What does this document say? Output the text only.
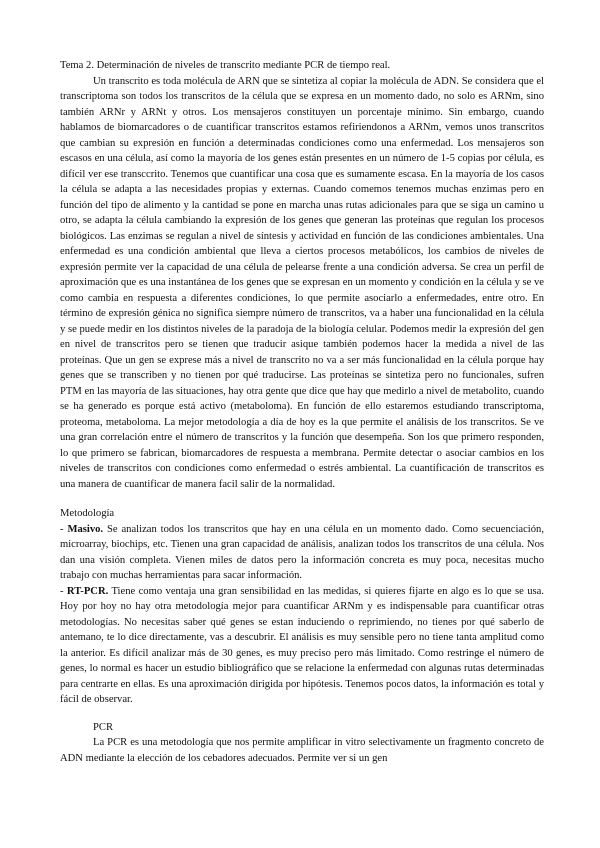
Tema 2. Determinación de niveles de transcrito mediante PCR de tiempo real.

Un transcrito es toda molécula de ARN que se sintetiza al copiar la molécula de ADN. Se considera que el transcriptoma son todos los transcritos de la célula que se expresa en un momento dado, no solo es ARNm, sino también ARNr y ARNt y otros. Los mensajeros constituyen un porcentaje mínimo. Sin embargo, cuando hablamos de biomarcadores o de cuantificar transcritos estamos refiriendonos a ARNm, vemos unos transcritos que cambian su expresión en función a determinadas condiciones como una enfermedad. Los mensajeros son escasos en una célula, así como la mayoría de los genes están presentes en un número de 1-5 copias por célula, es difícil ver ese transccrito. Tenemos que cuantificar una cosa que es sumamente escasa. En la mayoría de los casos la célula se adapta a las necesidades propias y externas. Cuando comemos tenemos muchas enzimas pero en función del tipo de alimento y la cantidad se pone en marcha unas rutas adicionales para que se siga un camino u otro, se adapta la célula cambiando la expresión de los genes que generan las proteínas que regulan los procesos biológicos. Las enzimas se regulan a nivel de síntesis y actividad en función de las condiciones ambientales. Una enfermedad es una condición ambiental que lleva a ciertos procesos metabólicos, los cambios de niveles de expresión permite ver la capacidad de una célula de pelearse frente a una condición adversa. Se crea un perfil de aproximación que es una instantánea de los genes que se expresan en un momento y condición en la célula y se ve como cambia en respuesta a diferentes condiciones, lo que permite asociarlo a enfermedades, entre otro. En término de expresión génica no significa siempre número de transcritos, va a haber una funcionalidad en la célula y se puede medir en los distintos niveles de la paradoja de la biología celular. Podemos medir la expresión del gen en nivel de transcritos pero se tienen que traducir asique también podemos hacer la medida a nivel de las proteínas. Que un gen se exprese más a nivel de transcrito no va a ser más funcionalidad en la célula porque hay genes que se transcriben y no tienen por qué traducirse. Las proteínas se sintetiza pero no funcionales, sufren PTM en las mayoría de las situaciones, hay otra gente que dice que hay que medirlo a nivel de metabolito, cuando se ha generado es porque está activo (metaboloma). En función de ello estaremos estudiando transcriptoma, proteoma, metaboloma. La mejor metodología a día de hoy es la que permite el análisis de los transcritos. Se ve una gran correlación entre el número de transcritos y la función que desempeña. Son los que primero responden, lo que primero se fabrican, biomarcadores de respuesta a membrana. Permite detectar o asociar cambios en los niveles de transcritos con condiciones como enfermedad o estrés ambiental. La cuantificación de transcritos es una manera de cuantificar de manera facil salir de la normalidad.

Metodología

- Masivo. Se analizan todos los transcritos que hay en una célula en un momento dado. Como secuenciación, microarray, biochips, etc. Tienen una gran capacidad de análisis, analizan todos los transcritos de una célula. Nos dan una visión completa. Vienen miles de datos pero la información concreta es muy poca, necesitas mucho trabajo con muchas herramientas para sacar información.

- RT-PCR. Tiene como ventaja una gran sensibilidad en las medidas, si quieres fijarte en algo es lo que se usa. Hoy por hoy no hay otra metodología mejor para cuantificar ARNm y es indispensable para cuantificar otras metodologías. No necesitas saber qué genes se estan induciendo o reprimiendo, no tienes por qué saberlo de antemano, te lo dice directamente, vas a descubrir. El análisis es muy sensible pero no tiene tanta amplitud como la anterior. Es difícil analizar más de 30 genes, es muy preciso pero más limitado. Como restringe el número de genes, lo normal es hacer un estudio bibliográfico que se relacione la enfermedad con algunas rutas determinadas para centrarte en ellas. Es una aproximación dirigida por hipótesis. Tenemos pocos datos, la información es total y fácil de observar.

PCR

La PCR es una metodología que nos permite amplificar in vitro selectivamente un fragmento concreto de ADN mediante la elección de los cebadores adecuados. Permite ver si un gen
